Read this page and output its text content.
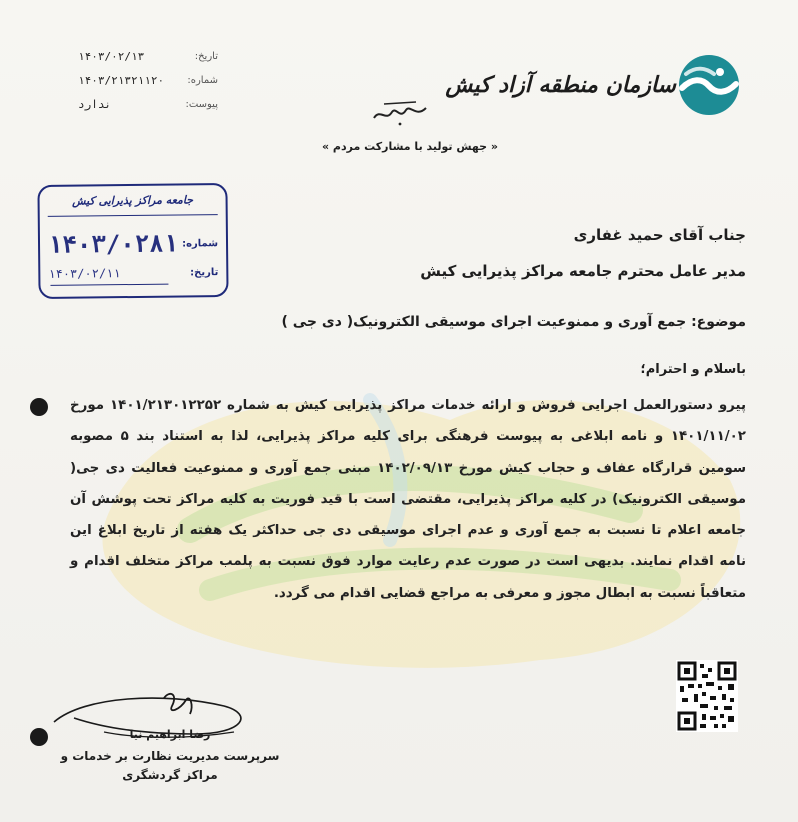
تاریخ:
۱۴۰۳/۰۲/۱۳
شماره:
۱۴۰۳/۲۱۳۲۱۱۲۰
پیوست:
ندارد
سازمان منطقه آزاد کیش
« جهش تولید با مشارکت مردم »
جامعه مراکز پذیرایی کیش
شماره:
۱۴۰۳/۰۲۸۱
تاریخ:
۱۴۰۳/۰۲/۱۱
جناب آقای حمید غفاری
مدیر عامل محترم جامعه مراکز پذیرایی کیش
موضوع: جمع آوری و ممنوعیت اجرای موسیقی الکترونیک( دی جی )
باسلام و احترام؛
پیرو دستورالعمل اجرایی فروش و ارائه خدمات مراکز پذیرایی کیش به شماره ۱۴۰۱/۲۱۳۰۱۲۲۵۲ مورخ ۱۴۰۱/۱۱/۰۲ و نامه ابلاغی به پیوست فرهنگی برای کلیه مراکز پذیرایی، لذا به استناد بند ۵ مصوبه سومین قرارگاه عفاف و حجاب کیش مورخ ۱۴۰۲/۰۹/۱۳ مبنی جمع آوری و ممنوعیت فعالیت دی جی( موسیقی الکترونیک) در کلیه مراکز پذیرایی، مقتضی است با قید فوریت به کلیه مراکز تحت پوشش آن جامعه اعلام تا نسبت به جمع آوری و عدم اجرای موسیقی دی جی حداکثر یک هفته از تاریخ ابلاغ این نامه اقدام نمایند. بدیهی است در صورت عدم رعایت موارد فوق نسبت به پلمب مراکز متخلف اقدام و متعاقباً نسبت به ابطال مجوز و معرفی به مراجع قضایی اقدام می گردد.
رضا ابراهیم نیا
سرپرست مدیریت نظارت بر خدمات و مراکز گردشگری
